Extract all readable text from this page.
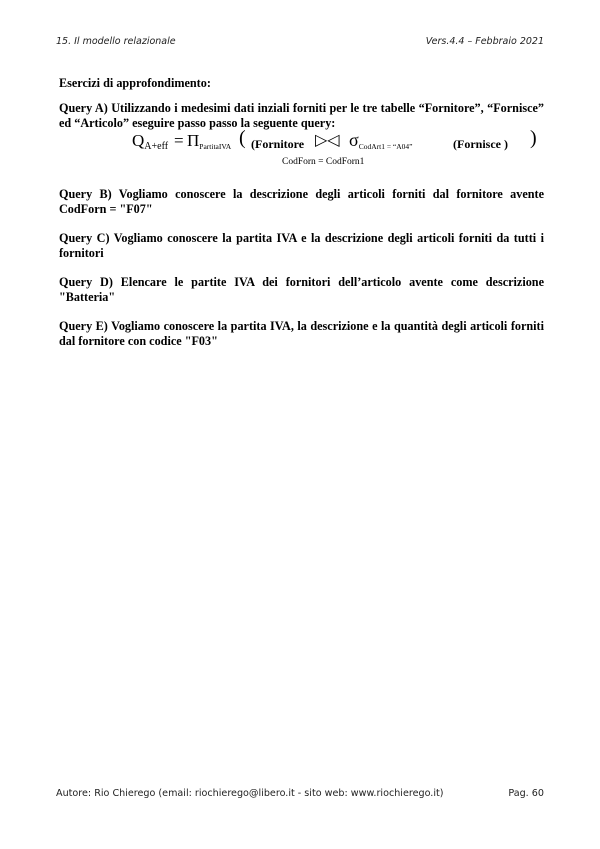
15. Il modello relazionale	Vers.4.4 – Febbraio 2021

Esercizi di approfondimento:

Query A) Utilizzando i medesimi dati inziali forniti per le tre tabelle “Fornitore”, “Fornisce” ed “Articolo” eseguire passo passo la seguente query:

$Q_{A+eff} = \Pi_{PartitaIVA}$ ( (Fornitore ▷◁ $\sigma_{CodArt1 = “A04”}$	(Fornisce ) )
CodForn = CodForn1

Query B) Vogliamo conoscere la descrizione degli articoli forniti dal fornitore avente CodForn = "F07"

Query C) Vogliamo conoscere la partita IVA e la descrizione degli articoli forniti da tutti i fornitori

Query D) Elencare le partite IVA dei fornitori dell’articolo avente come descrizione "Batteria"

Query E) Vogliamo conoscere la partita IVA, la descrizione e la quantità degli articoli forniti dal fornitore con codice "F03"

Autore: Rio Chierego (email: riochierego@libero.it - sito web: www.riochierego.it)	Pag. 60
